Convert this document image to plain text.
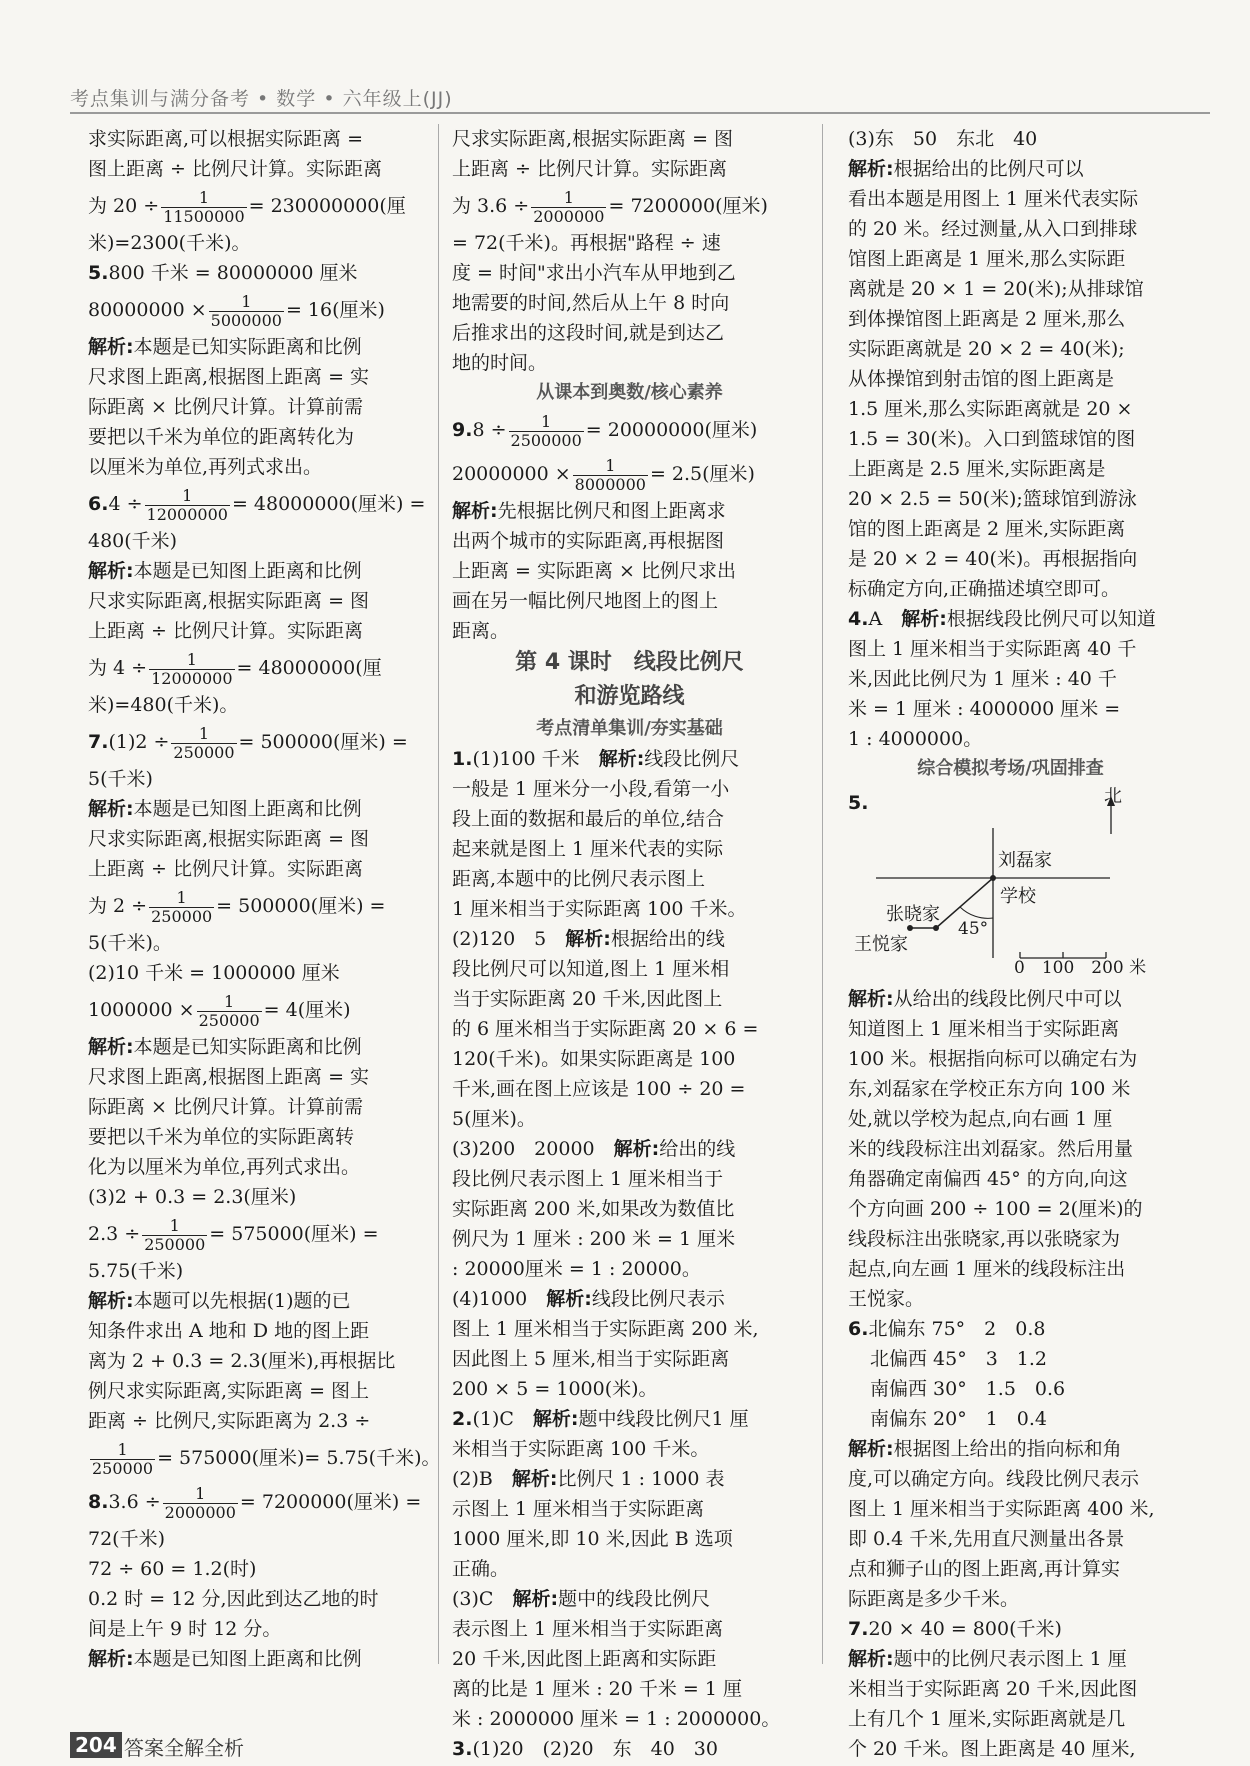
考点集训与满分备考 • 数学 • 六年级上(JJ)
求实际距离,可以根据实际距离 =
图上距离 ÷ 比例尺计算。实际距离
为 $20 \div \frac{1}{11500000} = 230000000$(厘
米)=2300(千米)。
5.800 千米 = 80000000 厘米
$80000000 \times \frac{1}{5000000} = 16$(厘米)
解析:本题是已知实际距离和比例
尺求图上距离,根据图上距离 = 实
际距离 × 比例尺计算。计算前需
要把以千米为单位的距离转化为
以厘米为单位,再列式求出。
$6.4 \div \frac{1}{12000000} = 48000000$(厘米) =
480(千米)
解析:本题是已知图上距离和比例
尺求实际距离,根据实际距离 = 图
上距离 ÷ 比例尺计算。实际距离
为 $4 \div \frac{1}{12000000} = 48000000$(厘
米)=480(千米)。
$7.(1)2 \div \frac{1}{250000} = 500000$(厘米) =
5(千米)
解析:本题是已知图上距离和比例
尺求实际距离,根据实际距离 = 图
上距离 ÷ 比例尺计算。实际距离
为 $2 \div \frac{1}{250000} = 500000$(厘米) =
5(千米)。
(2)10 千米 = 1000000 厘米
$1000000 \times \frac{1}{250000} = 4$(厘米)
解析:本题是已知实际距离和比例
尺求图上距离,根据图上距离 = 实
际距离 × 比例尺计算。计算前需
要把以千米为单位的实际距离转
化为以厘米为单位,再列式求出。
(3)2 + 0.3 = 2.3(厘米)
$2.3 \div \frac{1}{250000} = 575000$(厘米) =
5.75(千米)
解析:本题可以先根据(1)题的已
知条件求出 A 地和 D 地的图上距
离为 2 + 0.3 = 2.3(厘米),再根据比
例尺求实际距离,实际距离 = 图上
距离 ÷ 比例尺,实际距离为 2.3 ÷
$\frac{1}{250000} = 575000$(厘米)= 5.75(千米)。
$8.3.6 \div \frac{1}{2000000} = 7200000$(厘米) =
72(千米)
72 ÷ 60 = 1.2(时)
0.2 时 = 12 分,因此到达乙地的时
间是上午 9 时 12 分。
解析:本题是已知图上距离和比例
尺求实际距离,根据实际距离 = 图
上距离 ÷ 比例尺计算。实际距离
为 $3.6 \div \frac{1}{2000000} = 7200000$(厘米)
= 72(千米)。再根据"路程 ÷ 速
度 = 时间"求出小汽车从甲地到乙
地需要的时间,然后从上午 8 时向
后推求出的这段时间,就是到达乙
地的时间。
从课本到奥数/核心素养
$9.8 \div \frac{1}{2500000} = 20000000$(厘米)
$20000000 \times \frac{1}{8000000} = 2.5$(厘米)
解析:先根据比例尺和图上距离求
出两个城市的实际距离,再根据图
上距离 = 实际距离 × 比例尺求出
画在另一幅比例尺地图上的图上
距离。
第 4 课时　线段比例尺
和游览路线
考点清单集训/夯实基础
1.(1)100 千米　 解析:线段比例尺
一般是 1 厘米分一小段,看第一小
段上面的数据和最后的单位,结合
起来就是图上 1 厘米代表的实际
距离,本题中的比例尺表示图上
1 厘米相当于实际距离 100 千米。
(2)120　5　 解析:根据给出的线
段比例尺可以知道,图上 1 厘米相
当于实际距离 20 千米,因此图上
的 6 厘米相当于实际距离 20 × 6 =
120(千米)。如果实际距离是 100
千米,画在图上应该是 100 ÷ 20 =
5(厘米)。
(3)200　20000　 解析:给出的线
段比例尺表示图上 1 厘米相当于
实际距离 200 米,如果改为数值比
例尺为 1 厘米 : 200 米 = 1 厘米
: 20000厘米 = 1 : 20000。
(4)1000　 解析:线段比例尺表示
图上 1 厘米相当于实际距离 200 米,
因此图上 5 厘米,相当于实际距离
200 × 5 = 1000(米)。
2.(1)C　 解析:题中线段比例尺1 厘
米相当于实际距离 100 千米。
(2)B　 解析:比例尺 1 : 1000 表
示图上 1 厘米相当于实际距离
1000 厘米,即 10 米,因此 B 选项
正确。
(3)C　 解析:题中的线段比例尺
表示图上 1 厘米相当于实际距离
20 千米,因此图上距离和实际距
离的比是 1 厘米 : 20 千米 = 1 厘
米 : 2000000 厘米 = 1 : 2000000。
3.(1)20　(2)20　东　40　30
(3)东　50　东北　40
解析:根据给出的比例尺可以
看出本题是用图上 1 厘米代表实际
的 20 米。经过测量,从入口到排球
馆图上距离是 1 厘米,那么实际距
离就是 20 × 1 = 20(米);从排球馆
到体操馆图上距离是 2 厘米,那么
实际距离就是 20 × 2 = 40(米);
从体操馆到射击馆的图上距离是
1.5 厘米,那么实际距离就是 20 ×
1.5 = 30(米)。入口到篮球馆的图
上距离是 2.5 厘米,实际距离是
20 × 2.5 = 50(米);篮球馆到游泳
馆的图上距离是 2 厘米,实际距离
是 20 × 2 = 40(米)。再根据指向
标确定方向,正确描述填空即可。
4.A　 解析:根据线段比例尺可以知道
图上 1 厘米相当于实际距离 40 千
米,因此比例尺为 1 厘米 : 40 千
米 = 1 厘米 : 4000000 厘米 =
1 : 4000000。
综合模拟考场/巩固排查
5.	北
刘磊家
学校
张晓家
45°
王悦家
0　100　200 米
解析:从给出的线段比例尺中可以
知道图上 1 厘米相当于实际距离
100 米。根据指向标可以确定右为
东,刘磊家在学校正东方向 100 米
处,就以学校为起点,向右画 1 厘
米的线段标注出刘磊家。然后用量
角器确定南偏西 45° 的方向,向这
个方向画 200 ÷ 100 = 2(厘米)的
线段标注出张晓家,再以张晓家为
起点,向左画 1 厘米的线段标注出
王悦家。
6.北偏东 75°　2　0.8
北偏西 45°　3　1.2
南偏西 30°　1.5　0.6
南偏东 20°　1　0.4
解析:根据图上给出的指向标和角
度,可以确定方向。线段比例尺表示
图上 1 厘米相当于实际距离 400 米,
即 0.4 千米,先用直尺测量出各景
点和狮子山的图上距离,再计算实
际距离是多少千米。
7.20 × 40 = 800(千米)
解析:题中的比例尺表示图上 1 厘
米相当于实际距离 20 千米,因此图
上有几个 1 厘米,实际距离就是几
个 20 千米。图上距离是 40 厘米,
204 答案全解全析
